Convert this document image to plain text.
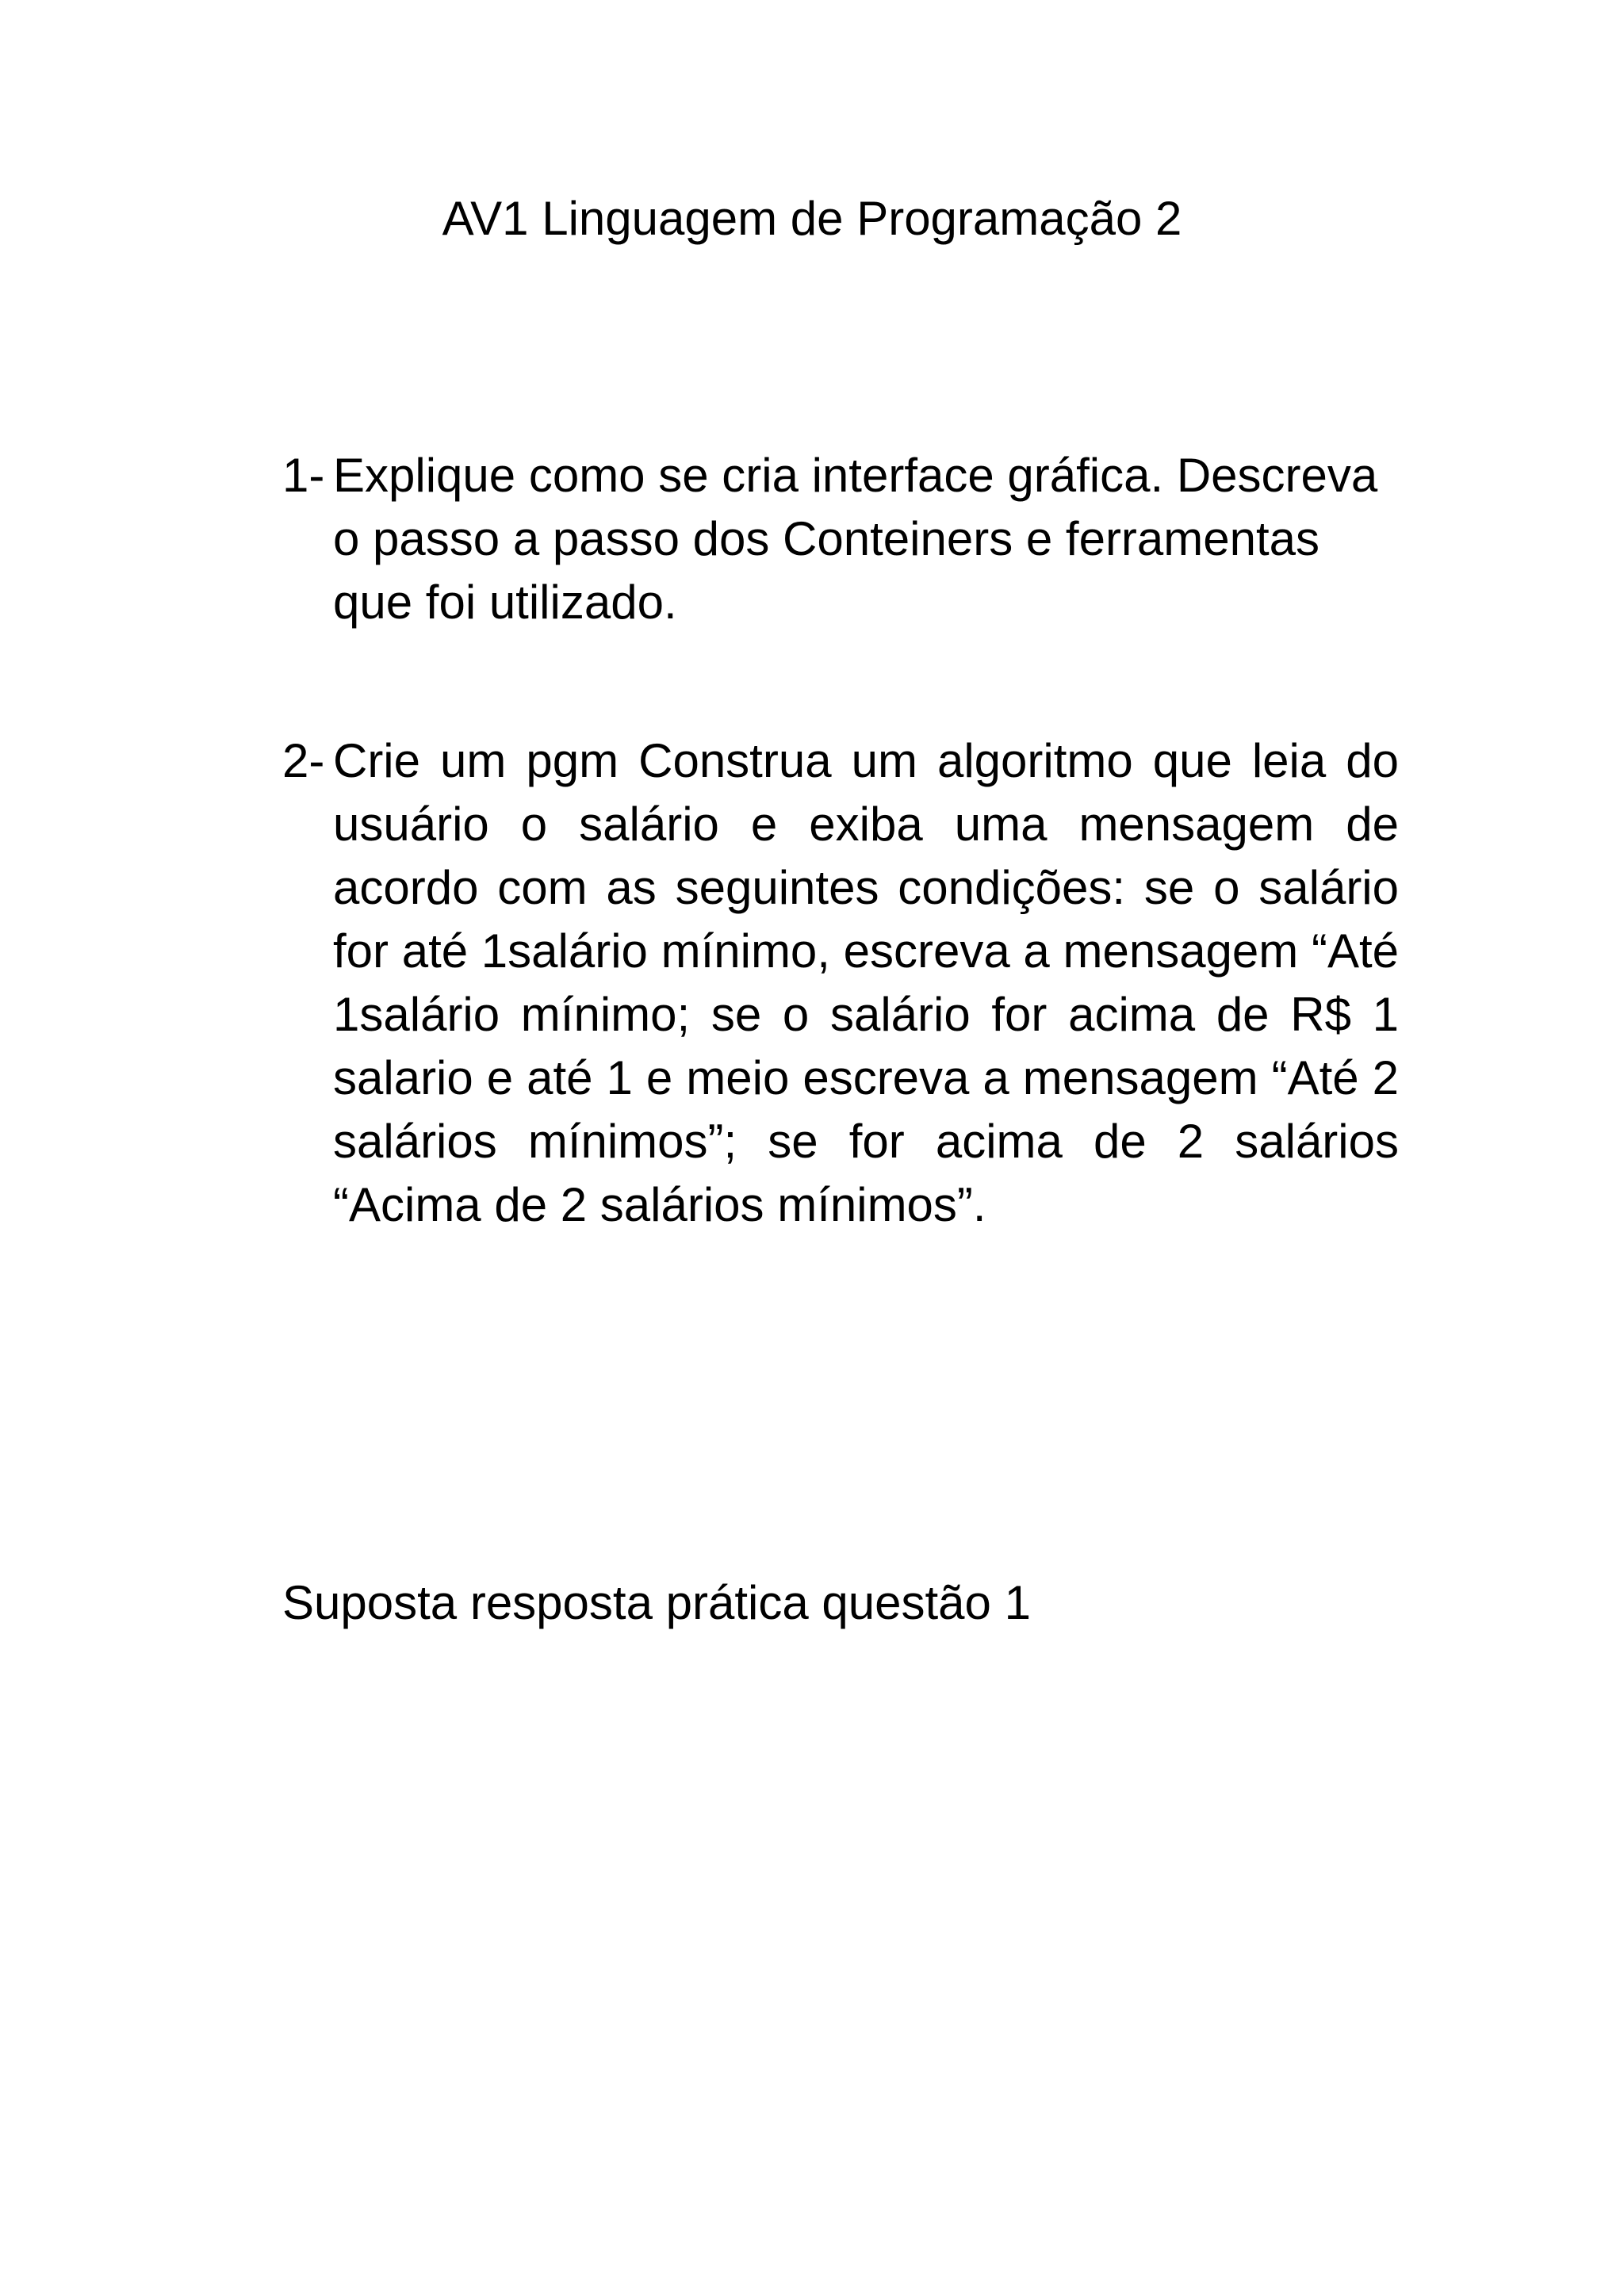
AV1 Linguagem de Programação 2
1- Explique como se cria interface gráfica. Descreva o passo a passo dos Conteiners e ferramentas que foi utilizado.
2- Crie um pgm Construa um algoritmo que leia do usuário o salário e exiba uma mensagem de acordo com as seguintes condições: se o salário for até 1salário mínimo, escreva a mensagem “Até 1salário mínimo; se o salário for acima de R$ 1 salario e até 1 e meio escreva a mensagem “Até 2 salários mínimos”; se for acima de 2 salários “Acima de 2 salários mínimos”.
Suposta resposta prática questão 1
